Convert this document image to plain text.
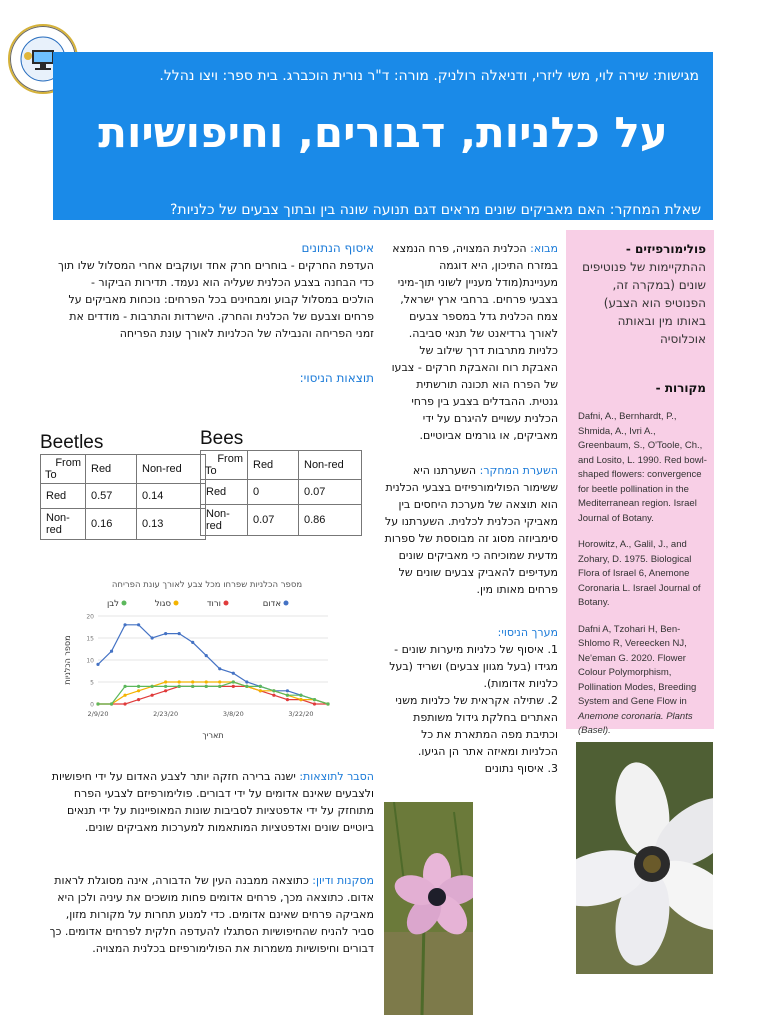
מגישות: שירה לוי, משי ליזרי, ודניאלה רולניק. מורה: ד"ר נורית הוכברג. בית ספר: ויצו נהלל.
על כלניות, דבורים, וחיפושיות
שאלת המחקר: האם מאביקים שונים מראים דגם תנועה שונה בין ובתוך צבעים של כלניות?
פולימורפיזים -
ההתקיימות של פנוטיפים שונים (במקרה זה, הפנוטיפ הוא הצבע) באותו מין ובאותה אוכלוסיה
מקורות -
Dafni, A., Bernhardt, P., Shmida, A., Ivri A., Greenbaum, S., O'Toole, Ch., and Losito, L. 1990. Red bowl-shaped flowers: convergence for beetle pollination in the Mediterranean region. Israel Journal of Botany.
Horowitz, A., Galil, J., and Zohary, D. 1975. Biological Flora of Israel 6, Anemone Coronaria L. Israel Journal of Botany.
Dafni A, Tzohari H, Ben-Shlomo R, Vereecken NJ, Ne'eman G. 2020. Flower Colour Polymorphism, Pollination Modes, Breeding System and Gene Flow in Anemone coronaria. Plants (Basel).
מבוא: הכלנית המצויה, פרח הנמצא במזרח התיכון, היא דוגמה מעניינת(מודל מעניין לשוני תוך-מיני בצבעי פרחים. ברחבי ארץ ישראל, צמח הכלנית גדל במספר צבעים לאורך גרדיאנט של תנאי סביבה. כלניות מתרבות דרך שילוב של האבקת רוח והאבקת חרקים - צבעו של הפרח הוא תכונה תורשתית גנטית. ההבדלים בצבע בין פרחי הכלנית עשויים להיגרם על ידי מאביקים, או גורמים אביוטיים.
השערת המחקר: השערתנו היא ששימור הפולימורפיזים בצבעי הכלנית הוא תוצאה של מערכת היחסים בין מאביקי הכלנית לכלנית. השערתנו על סימביוזה מסוג זה מבוססת של ספרות מדעית שמוכיחה כי מאביקים שונים מעדיפים להאביק צבעים שונים של פרחים מאותו מין.
מערך הניסוי:
1. איסוף של כלניות מיערות שונים - מגידו (בעל מגוון צבעים) ושריד (בעל כלניות אדומות).
2. שתילה אקראית של כלניות משני האתרים בחלקת גידול משותפת וכתיבת מפה המתארת את כל הכלניות ומאיזה אתר הן הגיעו.
3. איסוף נתונים
איסוף הנתונים
העדפת החרקים - בוחרים חרק אחד ועוקבים אחרי המסלול שלו תוך כדי הבחנה בצבע הכלנית שעליה הוא נעמד. תדירות הביקור - הולכים במסלול קבוע ומבחינים בכל הפרחים: נוכחות מאביקים על פרחים וצבעם של הכלנית והחרק. הישרדות והתרבות - מודדים את זמני הפריחה והנבילה של הכלניות לאורך עונת הפריחה
תוצאות הניסוי:
Beetles
From
To	Red	Non-red
Red	0.57	0.14
Non-red	0.16	0.13
Bees
From
To	Red	Non-red
Red	0	0.07
Non-red	0.07	0.86
מספר הכלניות שפרחו מכל צבע לאורך עונת הפריחה
אדום
ורוד
סגול
לבן
0
5
10
15
20
2/9/20	2/23/20	3/8/20	3/22/20
תאריך
מספר הכלניות
הסבר לתוצאות: ישנה ברירה חזקה יותר לצבע האדום על ידי חיפושיות ולצבעים שאינם אדומים על ידי דבורים. פולימורפיזם לצבעי הפרח מתוחזק על ידי אדפטציות לסביבות שונות המאופיינות על ידי תנאים ביוטיים שונים ואדפטציות המותאמות למערכות מאביקים שונים.
מסקנות ודיון: כתוצאה ממבנה העין של הדבורה, אינה מסוגלת לראות אדום. כתוצאה מכך, פרחים אדומים פחות מושכים את עיניה ולכן היא מאביקה פרחים שאינם אדומים. כדי למנוע תחרות על מקורות מזון, סביר להניח שהחיפושיות הסתגלו להעדפה חלקית לפרחים אדומים. כך דבורים וחיפושיות משמרות את הפולימורפיזם בכלנית המצויה.
